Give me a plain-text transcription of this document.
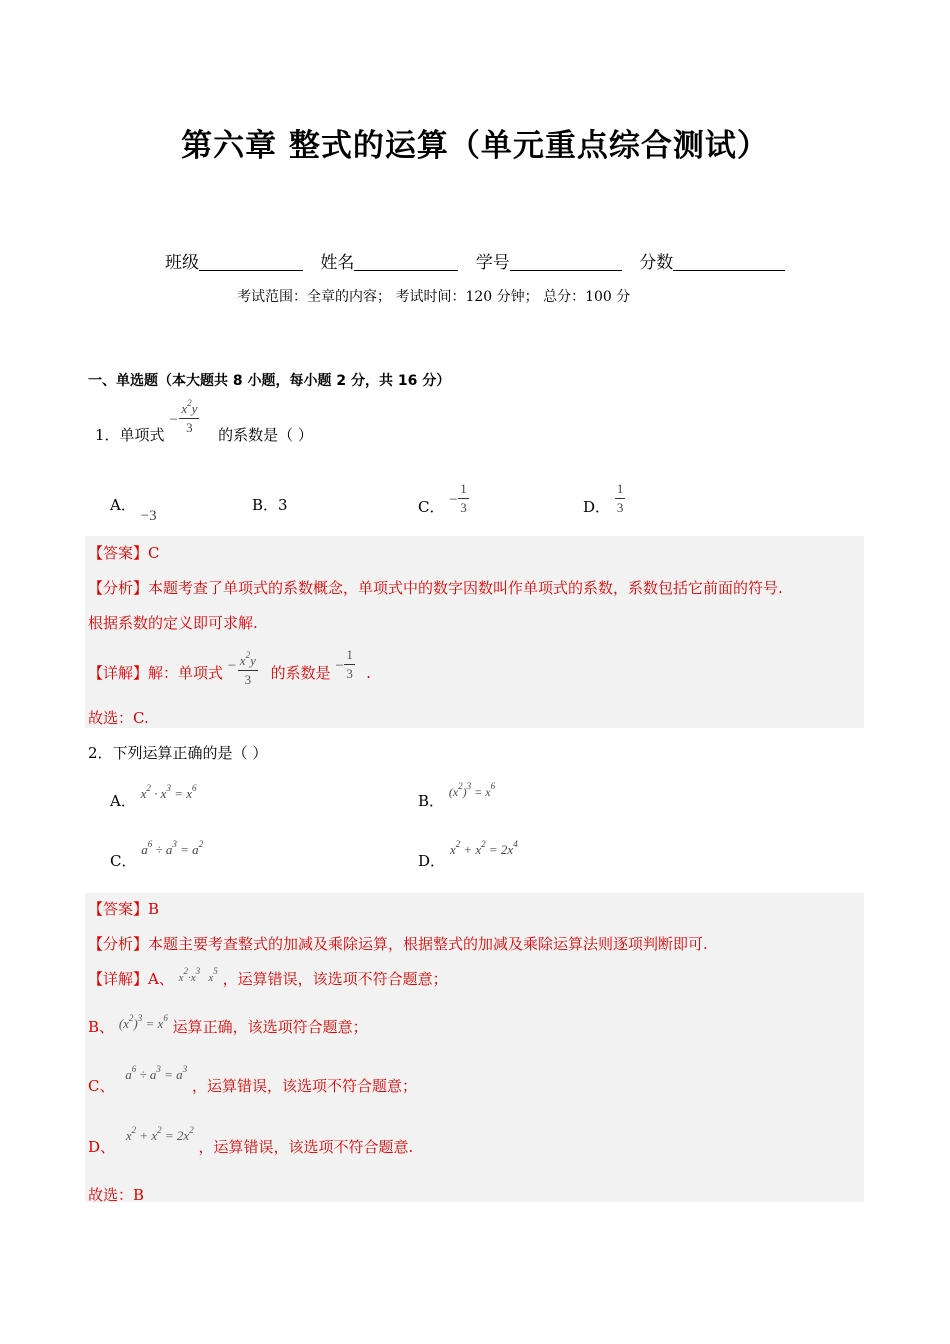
第六章 整式的运算（单元重点综合测试）
班级	姓名	学号	分数
考试范围：全章的内容； 考试时间：120 分钟； 总分：100 分
一、单选题（本大题共 8 小题，每小题 2 分，共 16 分）
1．单项式
− $\frac{x^2y}{3}$ 的系数是（ ）
A． −3
B．3	C． − $\frac{1}{3}$	D． $\frac{1}{3}$
【答案】C
【分析】本题考查了单项式的系数概念，单项式中的数字因数叫作单项式的系数，系数包括它前面的符号.
根据系数的定义即可求解.
【详解】解：单项式 − $\frac{x^2y}{3}$ 的系数是 − $\frac{1}{3}$ .
故选：C.
2．下列运算正确的是（ ）
A． $x^2 \cdot x^3 = x^6$
B． $^{(x^2)^3 = x^6}$
C． $a^6 \div a^3 = a^2$
D． $x^2 + x^2 = 2x^4$
【答案】B
【分析】本题主要考查整式的加减及乘除运算，根据整式的加减及乘除运算法则逐项判断即可.
【详解】A、 $^{x^2\cdot x^3 x^5}$ ，运算错误，该选项不符合题意；
B、 $(x^2)^3 = x^6$ 运算正确，该选项符合题意；
C、 $a^6 \div a^3 = a^3$ ，运算错误，该选项不符合题意；
D、 $x^2 + x^2 = 2x^2$ ，运算错误，该选项不符合题意.
故选：B
